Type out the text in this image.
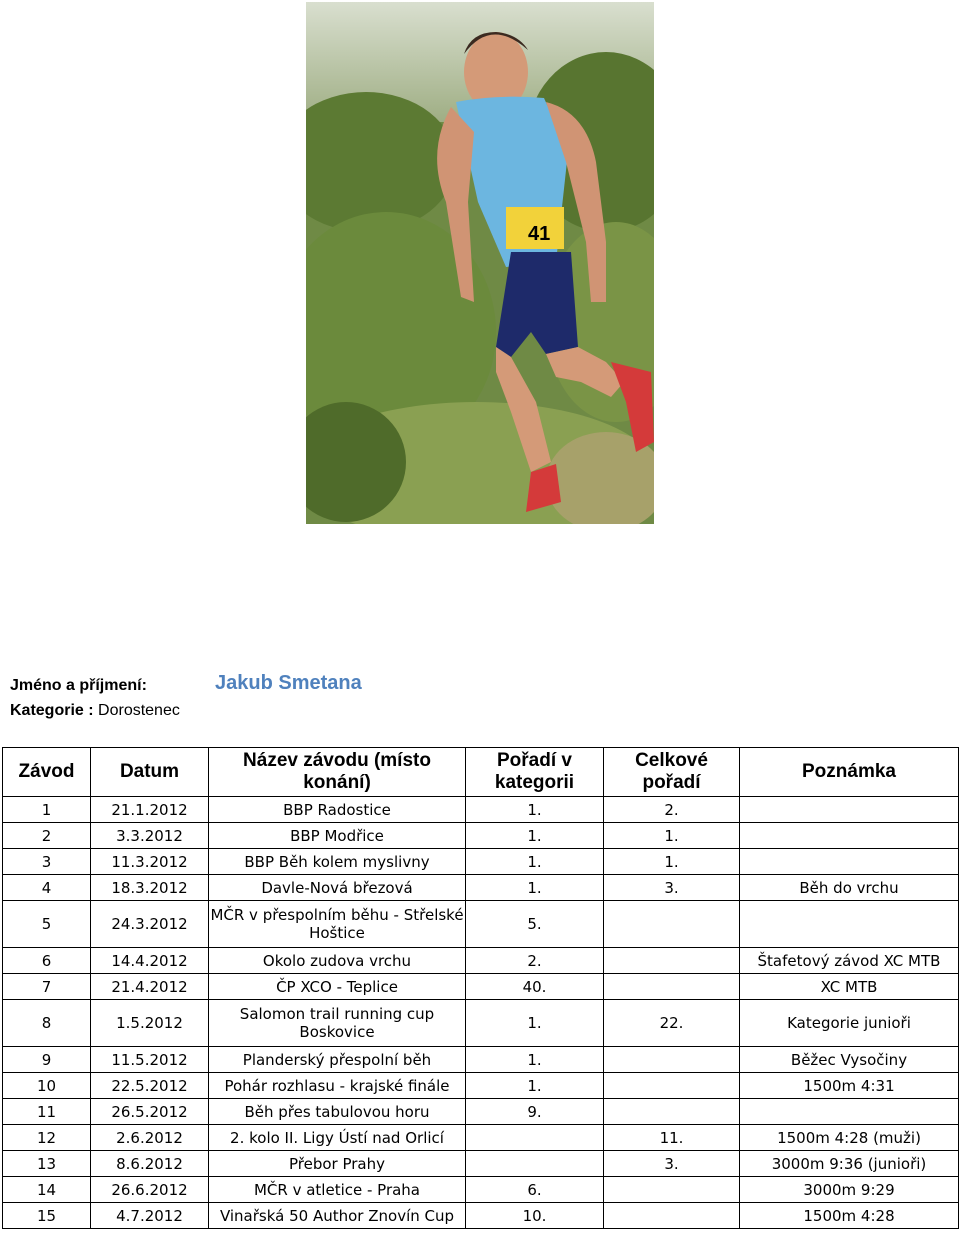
41
Jméno a příjmení:	Jakub Smetana
Kategorie : Dorostenec
Závod	Datum	Název závodu (místo konání)	Pořadí v kategorii	Celkové pořadí	Poznámka
1	21.1.2012	BBP Radostice	1.	2.	
2	3.3.2012	BBP Modřice	1.	1.	
3	11.3.2012	BBP Běh kolem myslivny	1.	1.	
4	18.3.2012	Davle-Nová březová	1.	3.	Běh do vrchu
5	24.3.2012	MČR v přespolním běhu - Střelské Hoštice	5.		
6	14.4.2012	Okolo zudova vrchu	2.		Štafetový závod XC MTB
7	21.4.2012	ČP XCO - Teplice	40.		XC MTB
8	1.5.2012	Salomon trail running cup Boskovice	1.	22.	Kategorie junioři
9	11.5.2012	Planderský přespolní běh	1.		Běžec Vysočiny
10	22.5.2012	Pohár rozhlasu - krajské finále	1.		1500m 4:31
11	26.5.2012	Běh přes tabulovou horu	9.		
12	2.6.2012	2. kolo II. Ligy Ústí nad Orlicí		11.	1500m 4:28 (muži)
13	8.6.2012	Přebor Prahy		3.	3000m 9:36 (junioři)
14	26.6.2012	MČR v atletice - Praha	6.		3000m 9:29
15	4.7.2012	Vinařská 50 Author Znovín Cup	10.		1500m 4:28
